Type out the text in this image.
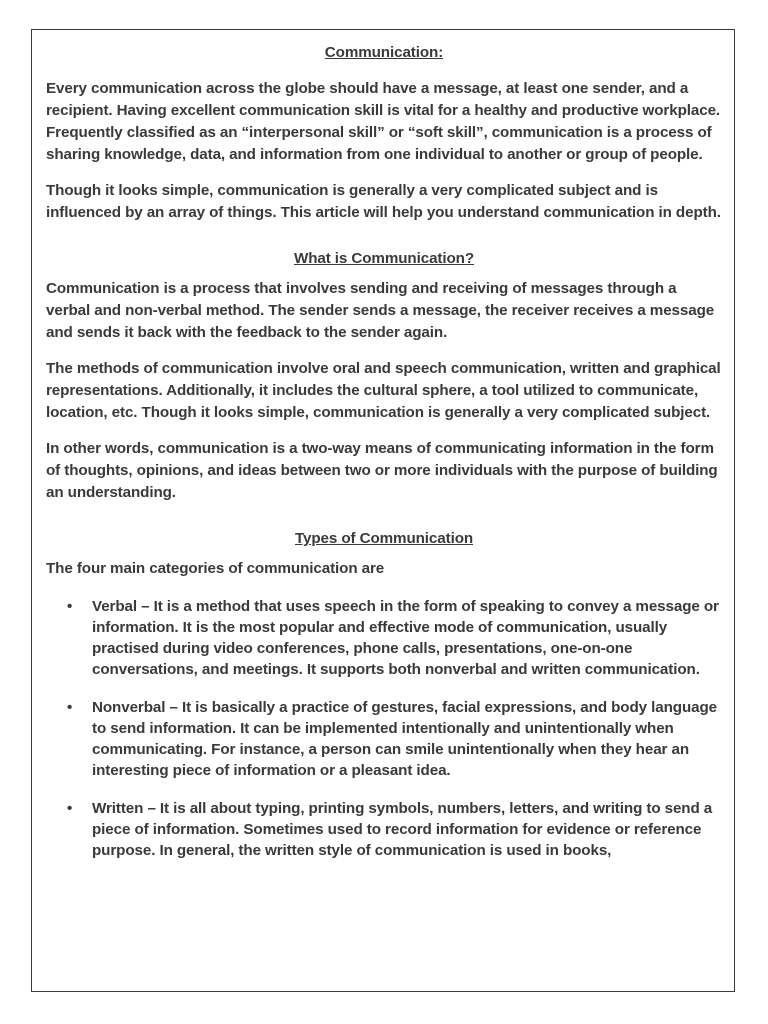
Communication:

Every communication across the globe should have a message, at least one sender, and a recipient. Having excellent communication skill is vital for a healthy and productive workplace. Frequently classified as an “interpersonal skill” or “soft skill”, communication is a process of sharing knowledge, data, and information from one individual to another or group of people.

Though it looks simple, communication is generally a very complicated subject and is influenced by an array of things. This article will help you understand communication in depth.

What is Communication?

Communication is a process that involves sending and receiving of messages through a verbal and non-verbal method. The sender sends a message, the receiver receives a message and sends it back with the feedback to the sender again.

The methods of communication involve oral and speech communication, written and graphical representations. Additionally, it includes the cultural sphere, a tool utilized to communicate, location, etc. Though it looks simple, communication is generally a very complicated subject.

In other words, communication is a two-way means of communicating information in the form of thoughts, opinions, and ideas between two or more individuals with the purpose of building an understanding.

Types of Communication

The four main categories of communication are

• Verbal – It is a method that uses speech in the form of speaking to convey a message or information. It is the most popular and effective mode of communication, usually practised during video conferences, phone calls, presentations, one-on-one conversations, and meetings. It supports both nonverbal and written communication.
• Nonverbal – It is basically a practice of gestures, facial expressions, and body language to send information. It can be implemented intentionally and unintentionally when communicating. For instance, a person can smile unintentionally when they hear an interesting piece of information or a pleasant idea.
• Written – It is all about typing, printing symbols, numbers, letters, and writing to send a piece of information. Sometimes used to record information for evidence or reference purpose. In general, the written style of communication is used in books,
